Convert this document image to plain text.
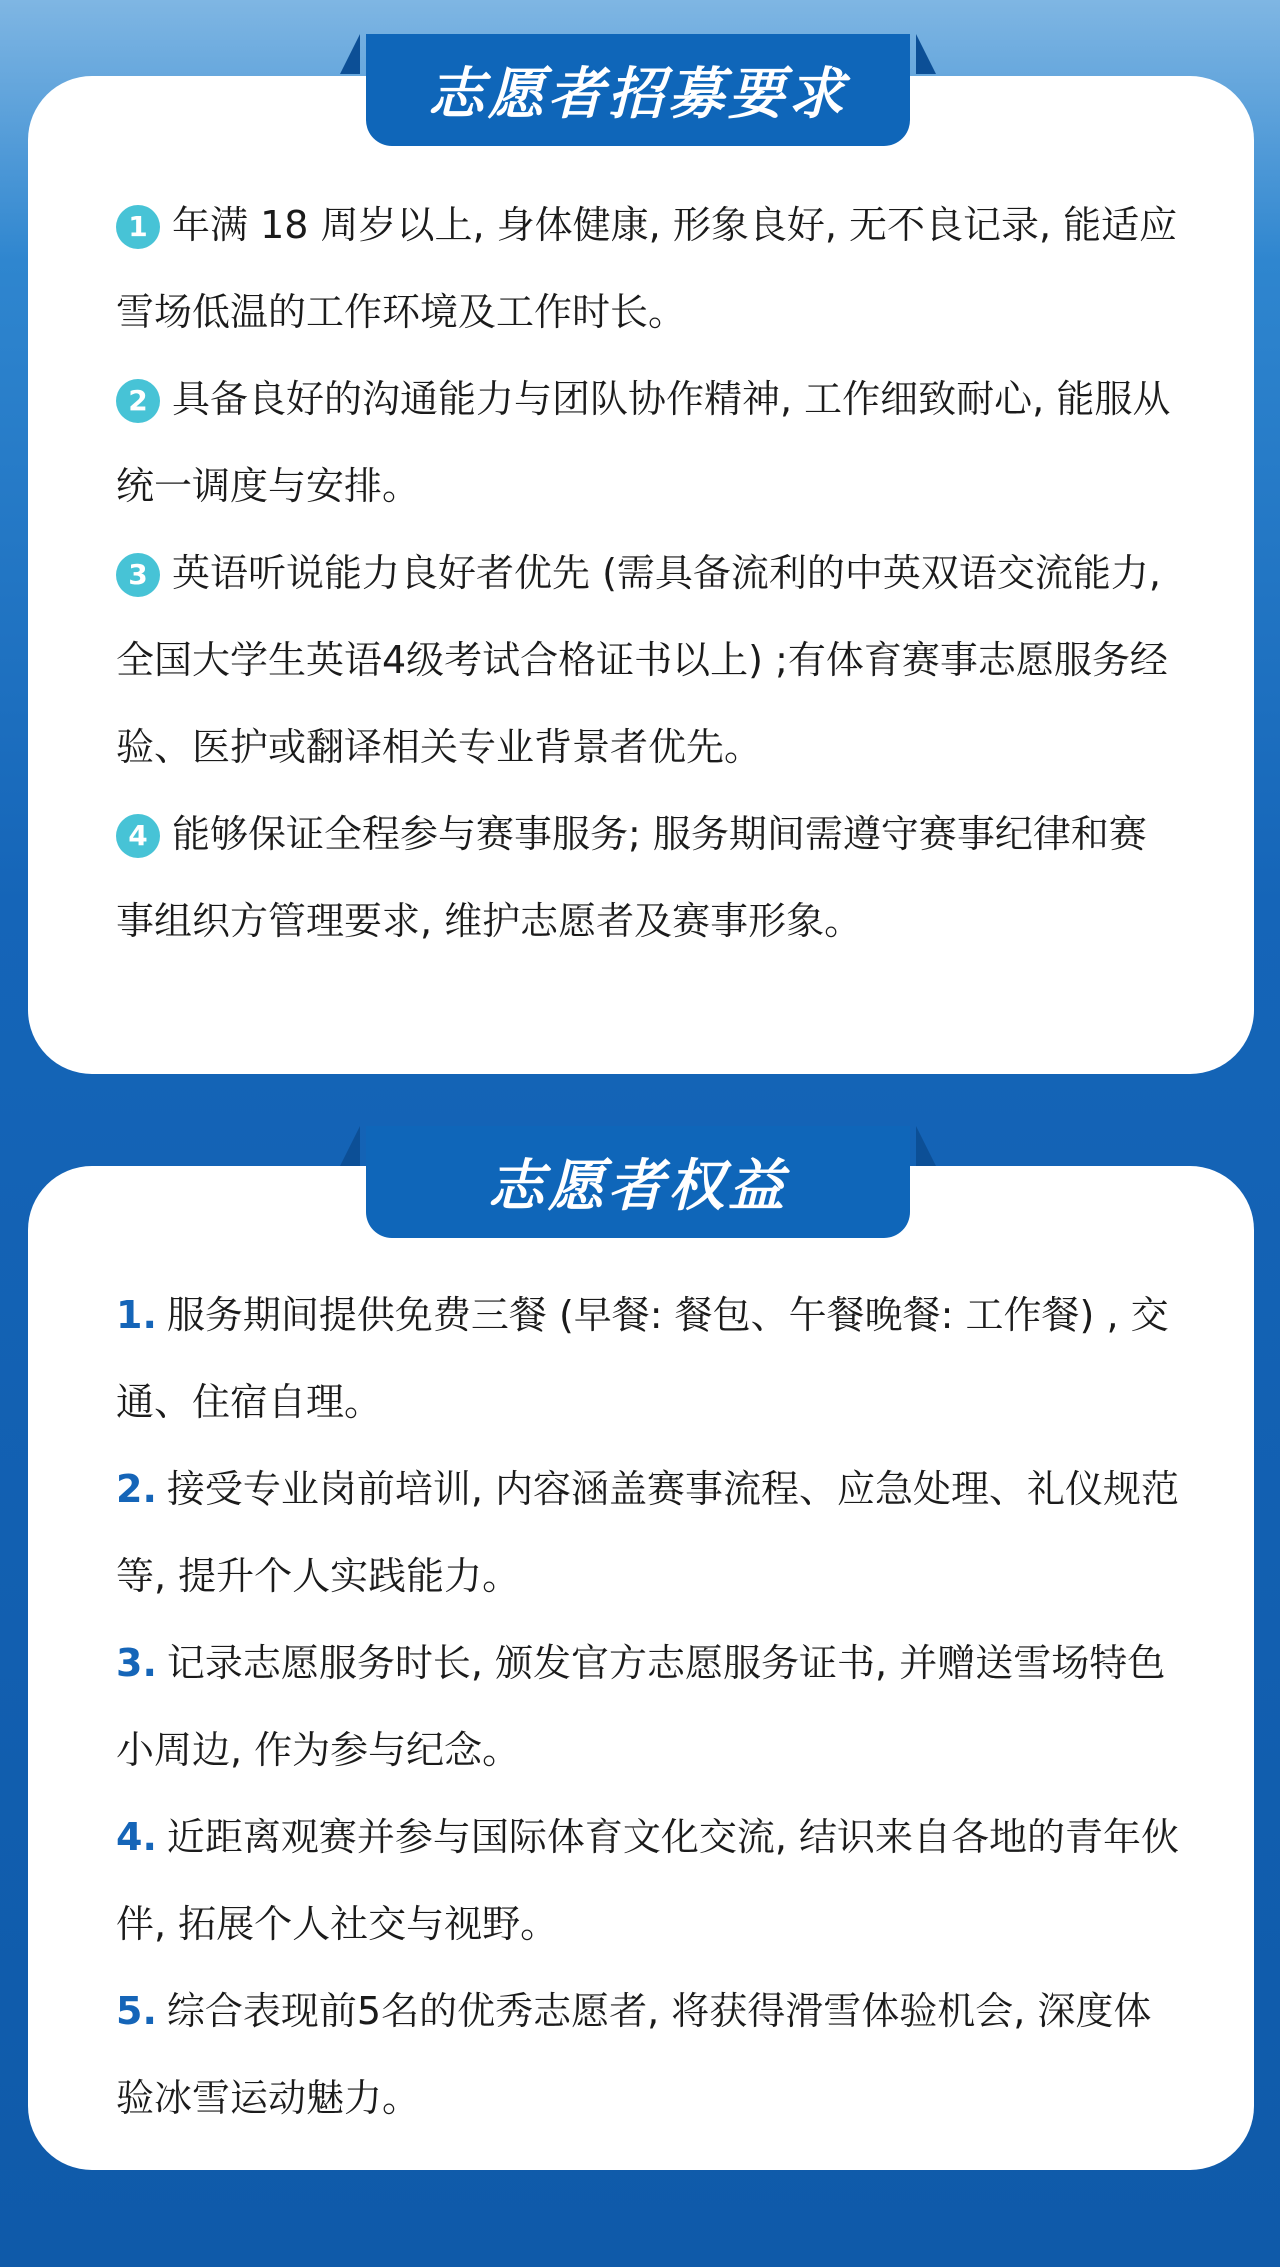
1 年满 18 周岁以上, 身体健康, 形象良好, 无不良记录, 能适应雪场低温的工作环境及工作时长。
2 具备良好的沟通能力与团队协作精神, 工作细致耐心, 能服从统一调度与安排。
3 英语听说能力良好者优先 (需具备流利的中英双语交流能力, 全国大学生英语4级考试合格证书以上) ;有体育赛事志愿服务经验、医护或翻译相关专业背景者优先。
4 能够保证全程参与赛事服务; 服务期间需遵守赛事纪律和赛事组织方管理要求, 维护志愿者及赛事形象。
志愿者招募要求
1. 服务期间提供免费三餐 (早餐: 餐包、午餐晚餐: 工作餐) , 交通、住宿自理。
2. 接受专业岗前培训, 内容涵盖赛事流程、应急处理、礼仪规范等, 提升个人实践能力。
3. 记录志愿服务时长, 颁发官方志愿服务证书, 并赠送雪场特色小周边, 作为参与纪念。
4. 近距离观赛并参与国际体育文化交流, 结识来自各地的青年伙伴, 拓展个人社交与视野。
5. 综合表现前5名的优秀志愿者, 将获得滑雪体验机会, 深度体验冰雪运动魅力。
志愿者权益
